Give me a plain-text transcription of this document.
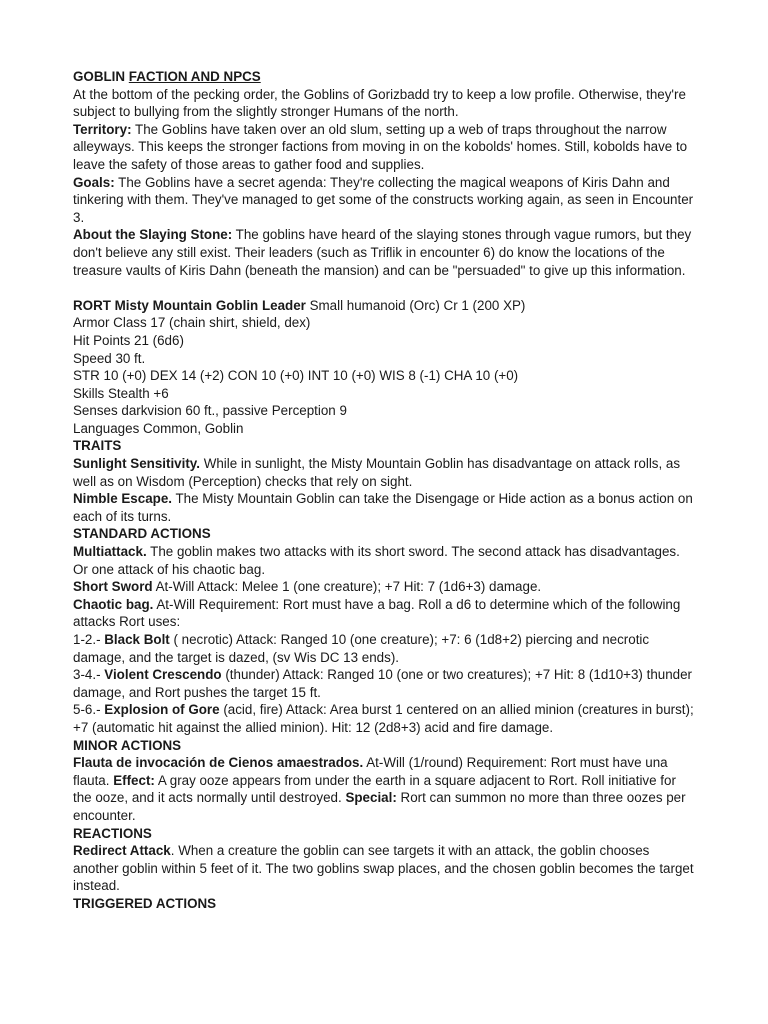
GOBLIN FACTION AND NPCS

At the bottom of the pecking order, the Goblins of Gorizbadd try to keep a low profile. Otherwise, they're subject to bullying from the slightly stronger Humans of the north.

Territory: The Goblins have taken over an old slum, setting up a web of traps throughout the narrow alleyways. This keeps the stronger factions from moving in on the kobolds' homes. Still, kobolds have to leave the safety of those areas to gather food and supplies.

Goals: The Goblins have a secret agenda: They're collecting the magical weapons of Kiris Dahn and tinkering with them. They've managed to get some of the constructs working again, as seen in Encounter 3.

About the Slaying Stone: The goblins have heard of the slaying stones through vague rumors, but they don't believe any still exist. Their leaders (such as Triflik in encounter 6) do know the locations of the treasure vaults of Kiris Dahn (beneath the mansion) and can be "persuaded" to give up this information.

RORT Misty Mountain Goblin Leader Small humanoid (Orc) Cr 1 (200 XP)

Armor Class 17 (chain shirt, shield, dex)

Hit Points 21 (6d6)

Speed 30 ft.

STR 10 (+0) DEX 14 (+2) CON 10 (+0) INT 10 (+0) WIS 8 (-1) CHA 10 (+0)

Skills Stealth +6

Senses darkvision 60 ft., passive Perception 9

Languages Common, Goblin

TRAITS

Sunlight Sensitivity. While in sunlight, the Misty Mountain Goblin has disadvantage on attack rolls, as well as on Wisdom (Perception) checks that rely on sight.

Nimble Escape. The Misty Mountain Goblin can take the Disengage or Hide action as a bonus action on each of its turns.

STANDARD ACTIONS

Multiattack. The goblin makes two attacks with its short sword. The second attack has disadvantages. Or one attack of his chaotic bag.

Short Sword At-Will Attack: Melee 1 (one creature); +7 Hit: 7 (1d6+3) damage.

Chaotic bag. At-Will Requirement: Rort must have a bag. Roll a d6 to determine which of the following attacks Rort uses:

1-2.- Black Bolt ( necrotic) Attack: Ranged 10 (one creature); +7: 6 (1d8+2) piercing and necrotic damage, and the target is dazed, (sv Wis DC 13 ends).

3-4.- Violent Crescendo (thunder) Attack: Ranged 10 (one or two creatures); +7 Hit: 8 (1d10+3) thunder damage, and Rort pushes the target 15 ft.

5-6.- Explosion of Gore (acid, fire) Attack: Area burst 1 centered on an allied minion (creatures in burst); +7 (automatic hit against the allied minion). Hit: 12 (2d8+3) acid and fire damage.

MINOR ACTIONS

Flauta de invocación de Cienos amaestrados. At-Will (1/round) Requirement: Rort must have una flauta. Effect: A gray ooze appears from under the earth in a square adjacent to Rort. Roll initiative for the ooze, and it acts normally until destroyed. Special: Rort can summon no more than three oozes per encounter.

REACTIONS

Redirect Attack. When a creature the goblin can see targets it with an attack, the goblin chooses another goblin within 5 feet of it. The two goblins swap places, and the chosen goblin becomes the target instead.

TRIGGERED ACTIONS
